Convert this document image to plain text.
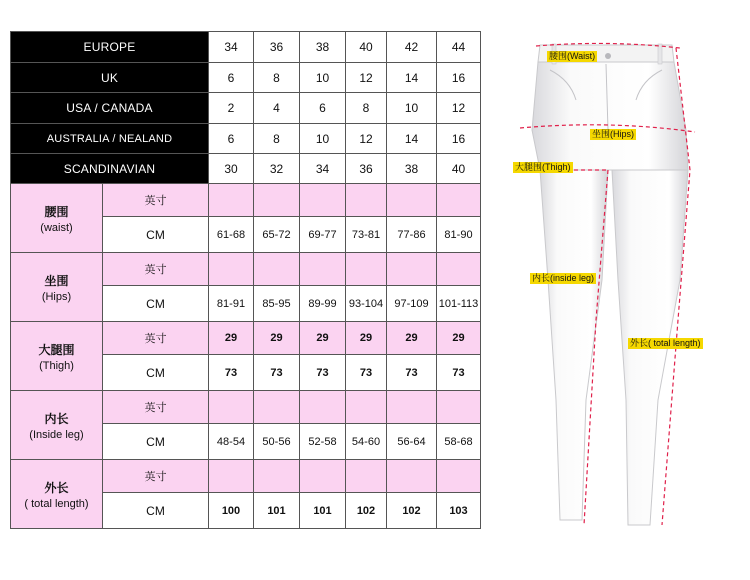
EUROPE		34	36	38	40	42	44
UK		6	8	10	12	14	16
USA / CANADA		2	4	6	8	10	12
AUSTRALIA / NEALAND		6	8	10	12	14	16
SCANDINAVIAN		30	32	34	36	38	40

腰围
(waist)	英寸						
	CM	61-68	65-72	69-77	73-81	77-86	81-90

坐围
(Hips)	英寸						
	CM	81-91	85-95	89-99	93-104	97-109	101-113

大腿围
(Thigh)	英寸	29	29	29	29	29	29
	CM	73	73	73	73	73	73

内长
(Inside leg)	英寸						
	CM	48-54	50-56	52-58	54-60	56-64	58-68

外长
( total length)	英寸						
	CM	100	101	101	102	102	103
腰围(Waist)
坐围(Hips)
大腿围(Thigh)
内长(inside leg)
外长( total length)
